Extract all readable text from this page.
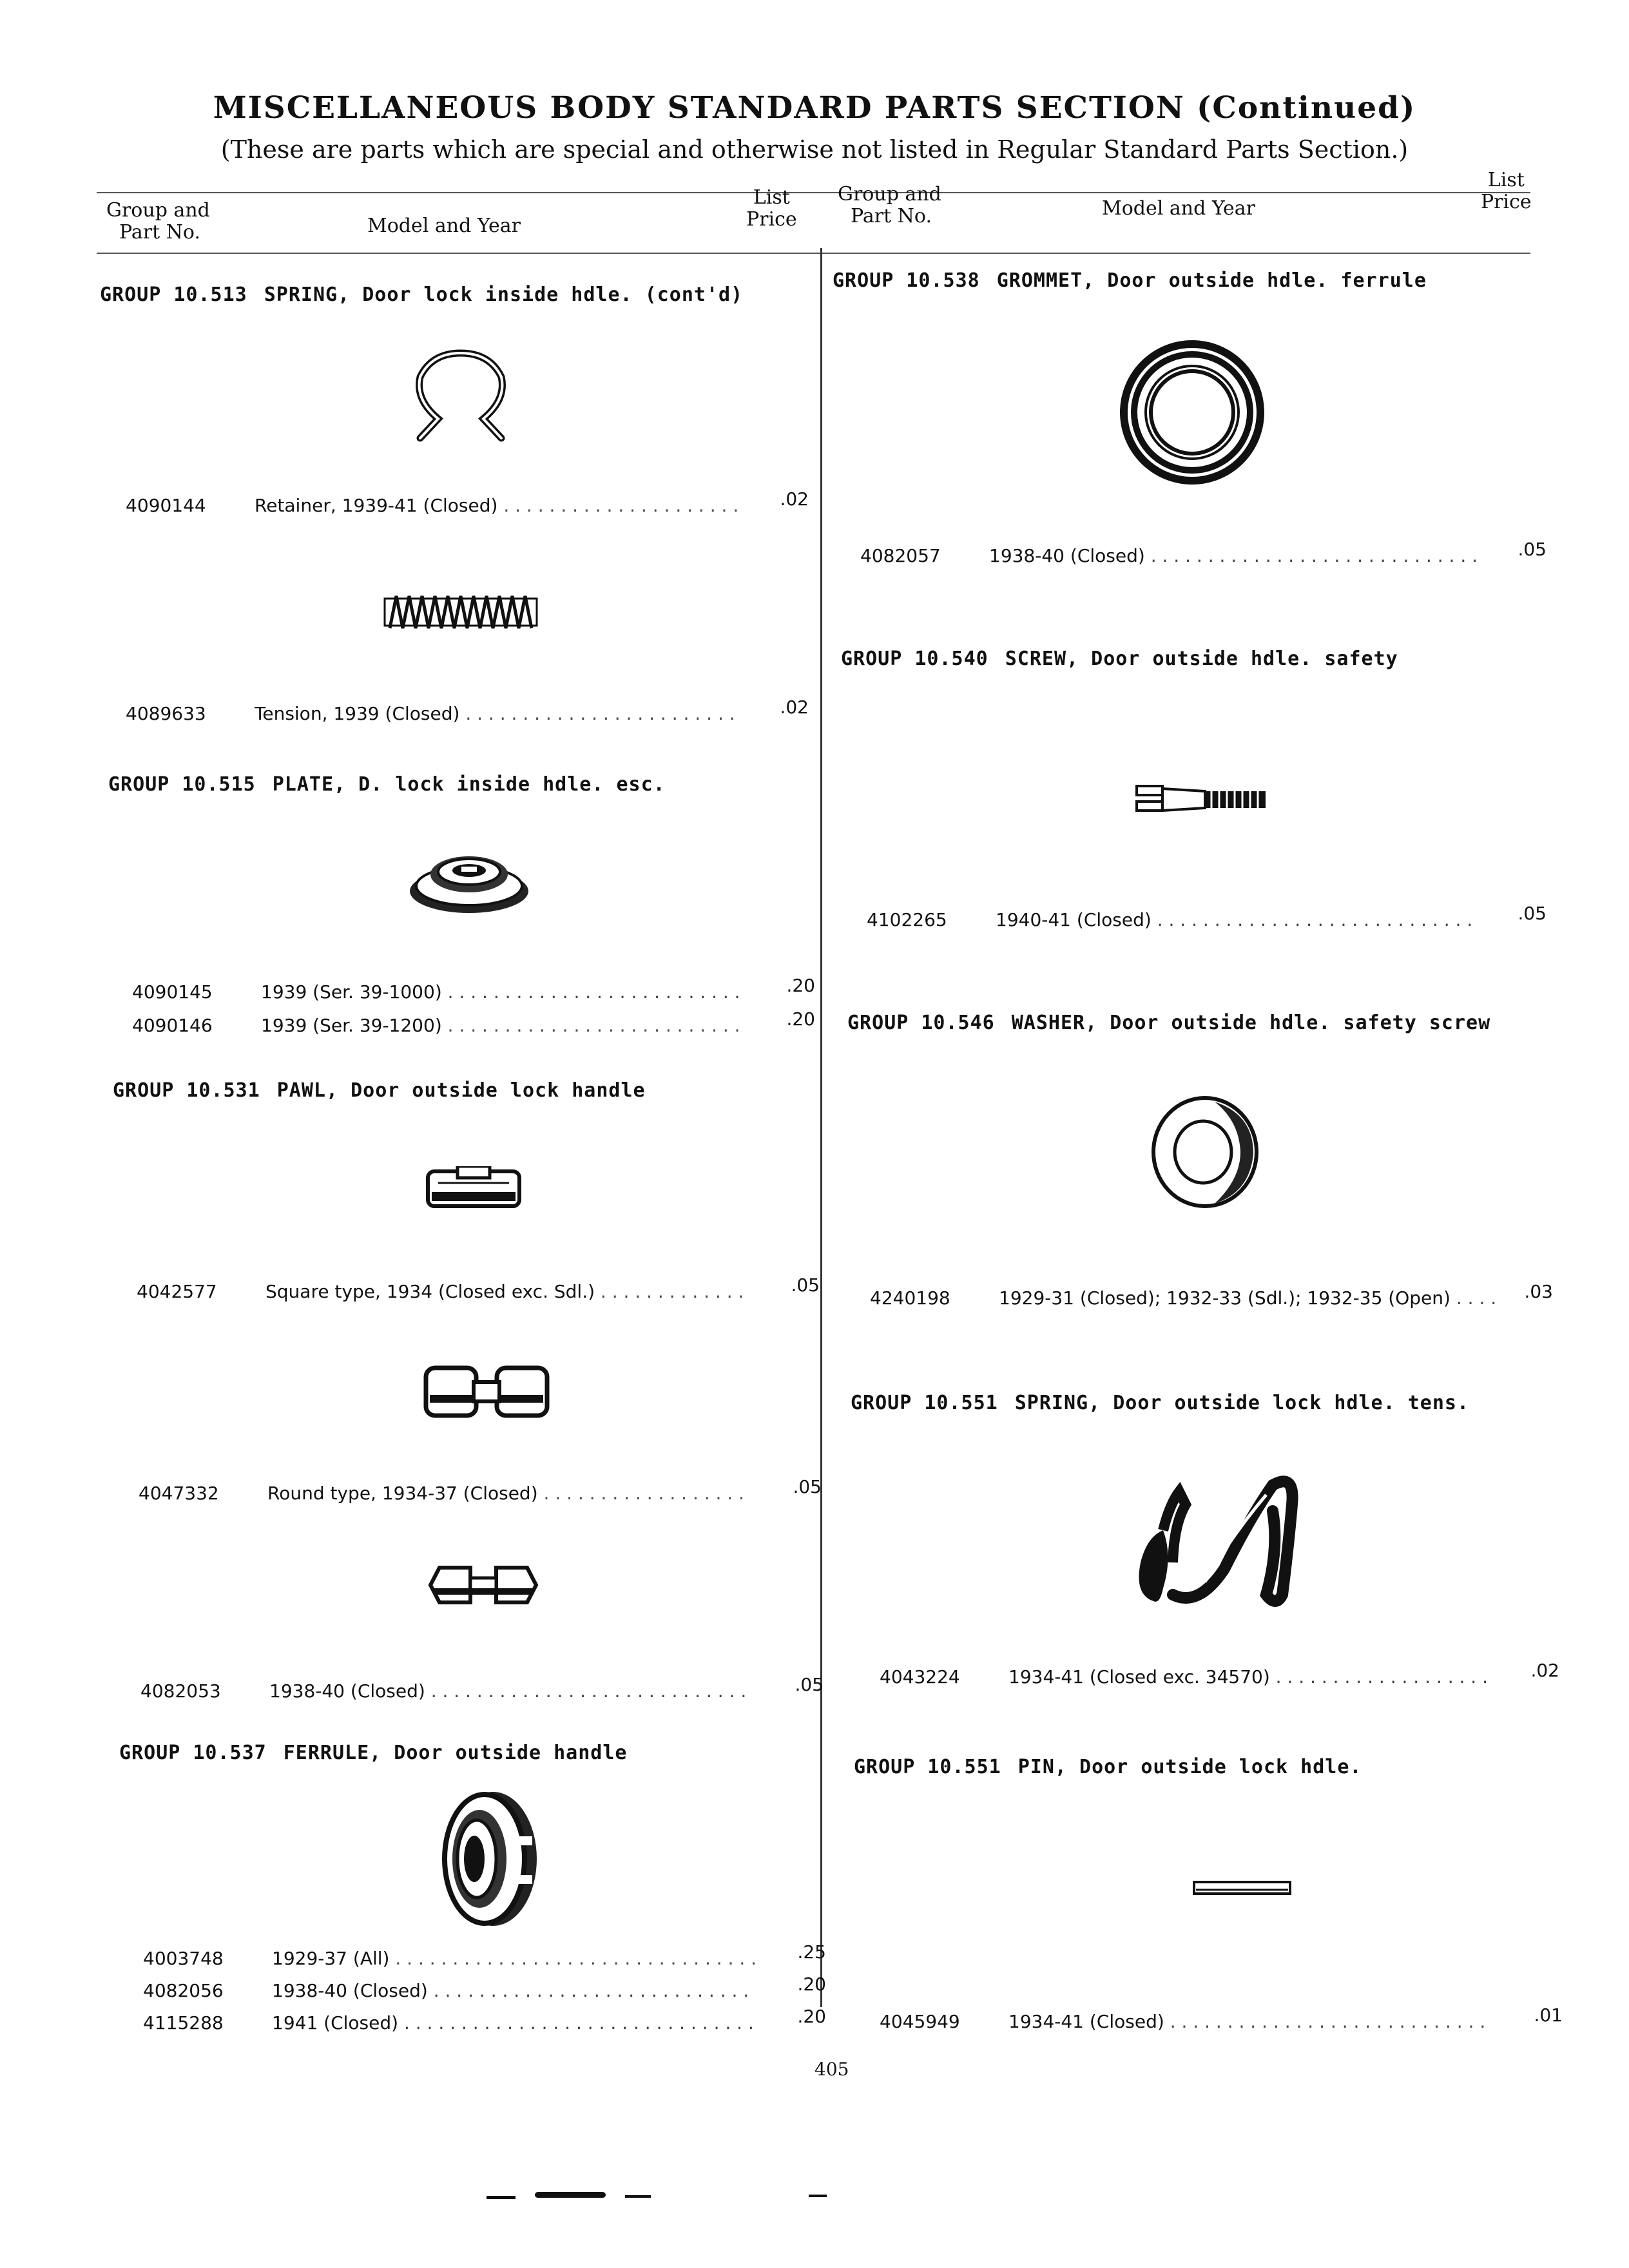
MISCELLANEOUS BODY STANDARD PARTS SECTION (Continued)
(These are parts which are special and otherwise not listed in Regular Standard Parts Section.)
Group and
Part No.	Model and Year
List
Price
Group and
Part No.	Model and Year
List
Price
GROUP 10.513 SPRING, Door lock inside hdle. (cont'd)
4090144	Retainer, 1939-41 (Closed) . . .	.02
4089633	Tension, 1939 (Closed) . . .	.02
GROUP 10.515 PLATE, D. lock inside hdle. esc.
4090145	1939 (Ser. 39-1000) . . .	.20
4090146	1939 (Ser. 39-1200) . . .	.20
GROUP 10.531 PAWL, Door outside lock handle
4042577	Square type, 1934 (Closed exc. Sdl.) . . .	.05
4047332	Round type, 1934-37 (Closed) . . .	.05
4082053	1938-40 (Closed) . . .	.05
GROUP 10.537 FERRULE, Door outside handle
4003748	1929-37 (All) . . .	.25
4082056	1938-40 (Closed) . . .	.20
4115288	1941 (Closed) . . .	.20
GROUP 10.538 GROMMET, Door outside hdle. ferrule
4082057	1938-40 (Closed) . . .	.05
GROUP 10.540 SCREW, Door outside hdle. safety
4102265	1940-41 (Closed) . . .	.05
GROUP 10.546 WASHER, Door outside hdle. safety screw
4240198	1929-31 (Closed); 1932-33 (Sdl.); 1932-35 (Open) . . .	.03
GROUP 10.551 SPRING, Door outside lock hdle. tens.
4043224	1934-41 (Closed exc. 34570) . . .	.02
GROUP 10.551 PIN, Door outside lock hdle.
4045949	1934-41 (Closed) . . .	.01
405
